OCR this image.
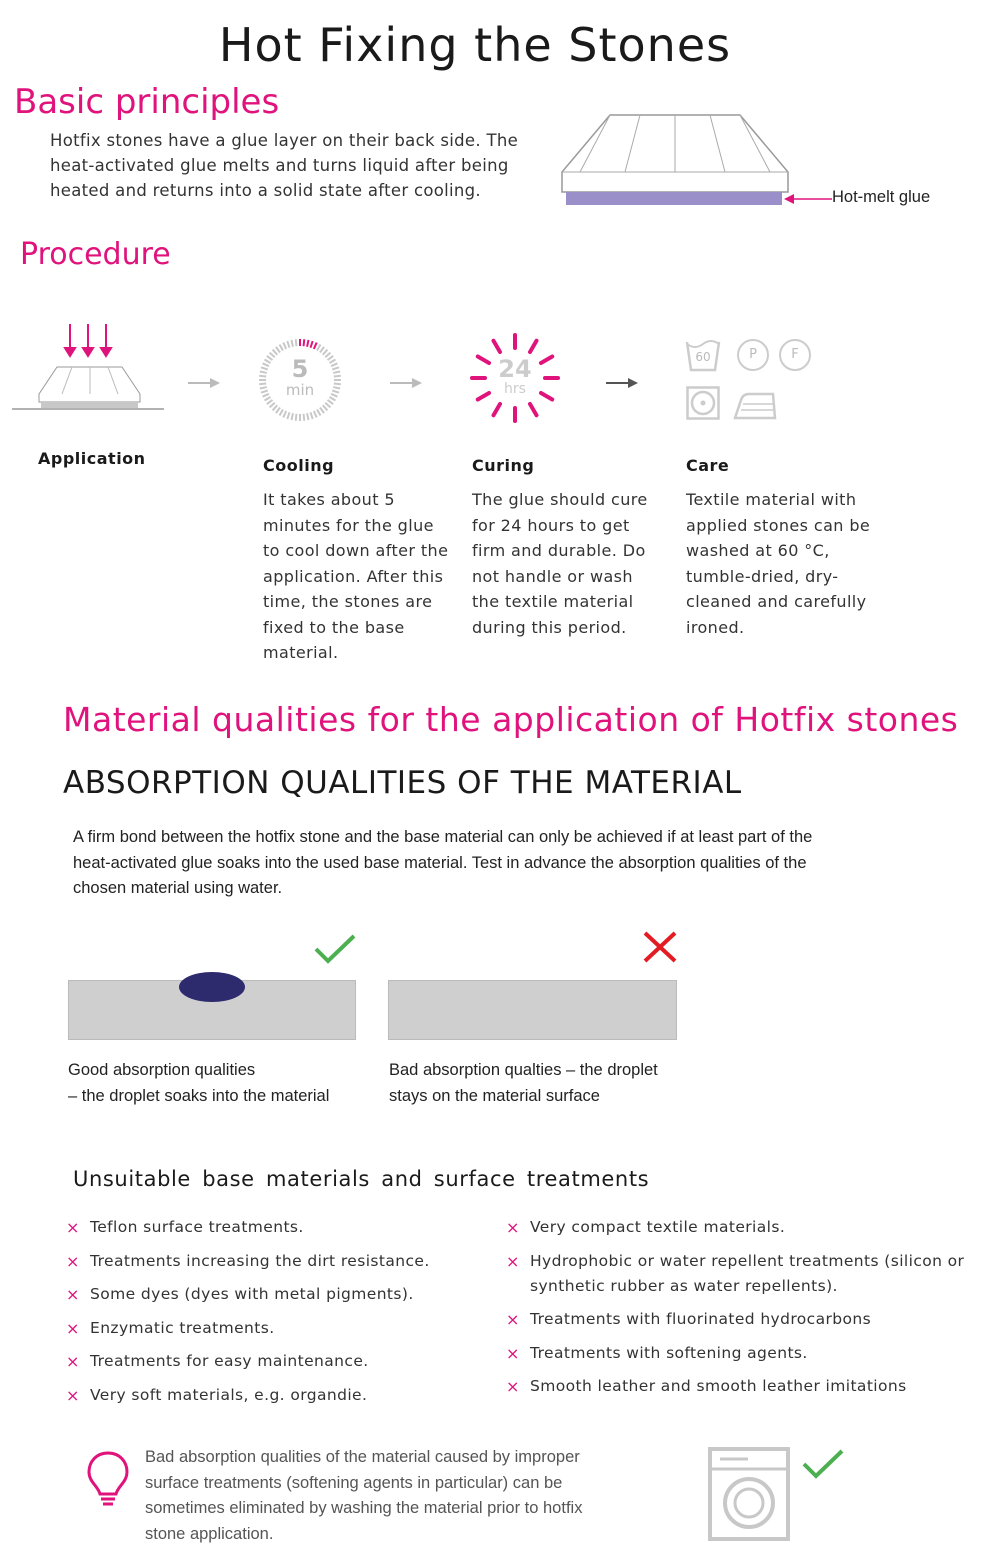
Hot Fixing the Stones
Basic principles
Hotfix stones have a glue layer on their back side. The heat-activated glue melts and turns liquid after being heated and returns into a solid state after cooling.	Hot-melt glue
Procedure
5
min
24
hrs
60	P	F
Application	Cooling
It takes about 5 minutes for the glue to cool down after the application. After this time, the stones are fixed to the base material.
Curing
The glue should cure for 24 hours to get firm and durable. Do not handle or wash the textile material during this period.
Care
Textile material with applied stones can be washed at 60 °C, tumble-dried, dry-cleaned and carefully ironed.
Material qualities for the application of Hotfix stones
ABSORPTION QUALITIES OF THE MATERIAL
A firm bond between the hotfix stone and the base material can only be achieved if at least part of the heat-activated glue soaks into the used base material. Test in advance the absorption qualities of the chosen material using water.
Good absorption qualities
– the droplet soaks into the material
Bad absorption qualties – the droplet
stays on the material surface
Unsuitable base materials and surface treatments
× Teflon surface treatments.
× Treatments increasing the dirt resistance.
× Some dyes (dyes with metal pigments).
× Enzymatic treatments.
× Treatments for easy maintenance.
× Very soft materials, e.g. organdie.
× Very compact textile materials.
× Hydrophobic or water repellent treatments (silicon or synthetic rubber as water repellents).
× Treatments with fluorinated hydrocarbons
× Treatments with softening agents.
× Smooth leather and smooth leather imitations
Bad absorption qualities of the material caused by improper surface treatments (softening agents in particular) can be sometimes eliminated by washing the material prior to hotfix stone application.
